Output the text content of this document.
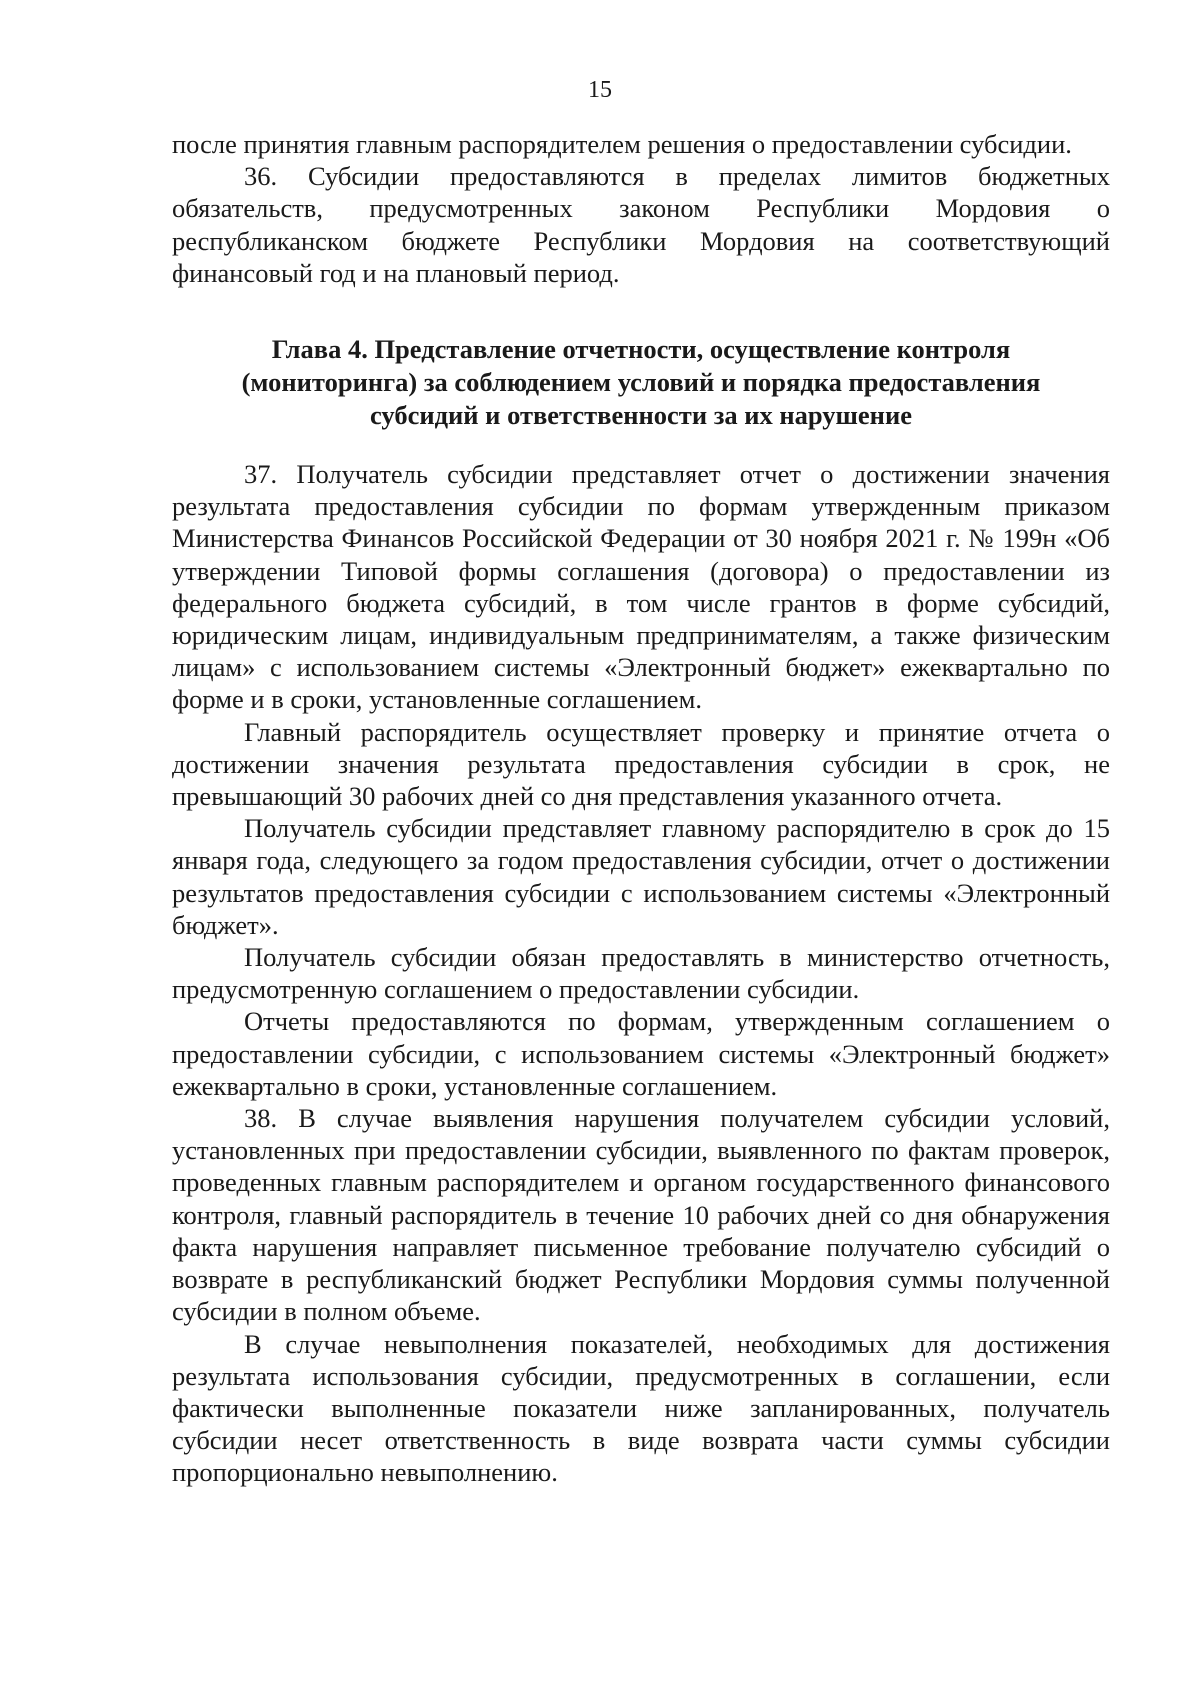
15

после принятия главным распорядителем решения о предоставлении субсидии.

36. Субсидии предоставляются в пределах лимитов бюджетных обязательств, предусмотренных законом Республики Мордовия о республиканском бюджете Республики Мордовия на соответствующий финансовый год и на плановый период.

Глава 4. Представление отчетности, осуществление контроля
(мониторинга) за соблюдением условий и порядка предоставления
субсидий и ответственности за их нарушение

37. Получатель субсидии представляет отчет о достижении значения результата предоставления субсидии по формам утвержденным приказом Министерства Финансов Российской Федерации от 30 ноября 2021 г. № 199н «Об утверждении Типовой формы соглашения (договора) о предоставлении из федерального бюджета субсидий, в том числе грантов в форме субсидий, юридическим лицам, индивидуальным предпринимателям, а также физическим лицам» с использованием системы «Электронный бюджет» ежеквартально по форме и в сроки, установленные соглашением.

Главный распорядитель осуществляет проверку и принятие отчета о достижении значения результата предоставления субсидии в срок, не превышающий 30 рабочих дней со дня представления указанного отчета.

Получатель субсидии представляет главному распорядителю в срок до 15 января года, следующего за годом предоставления субсидии, отчет о достижении результатов предоставления субсидии с использованием системы «Электронный бюджет».

Получатель субсидии обязан предоставлять в министерство отчетность, предусмотренную соглашением о предоставлении субсидии.

Отчеты предоставляются по формам, утвержденным соглашением о предоставлении субсидии, с использованием системы «Электронный бюджет» ежеквартально в сроки, установленные соглашением.

38. В случае выявления нарушения получателем субсидии условий, установленных при предоставлении субсидии, выявленного по фактам проверок, проведенных главным распорядителем и органом государственного финансового контроля, главный распорядитель в течение 10 рабочих дней со дня обнаружения факта нарушения направляет письменное требование получателю субсидий о возврате в республиканский бюджет Республики Мордовия суммы полученной субсидии в полном объеме.

В случае невыполнения показателей, необходимых для достижения результата использования субсидии, предусмотренных в соглашении, если фактически выполненные показатели ниже запланированных, получатель субсидии несет ответственность в виде возврата части суммы субсидии пропорционально невыполнению.
